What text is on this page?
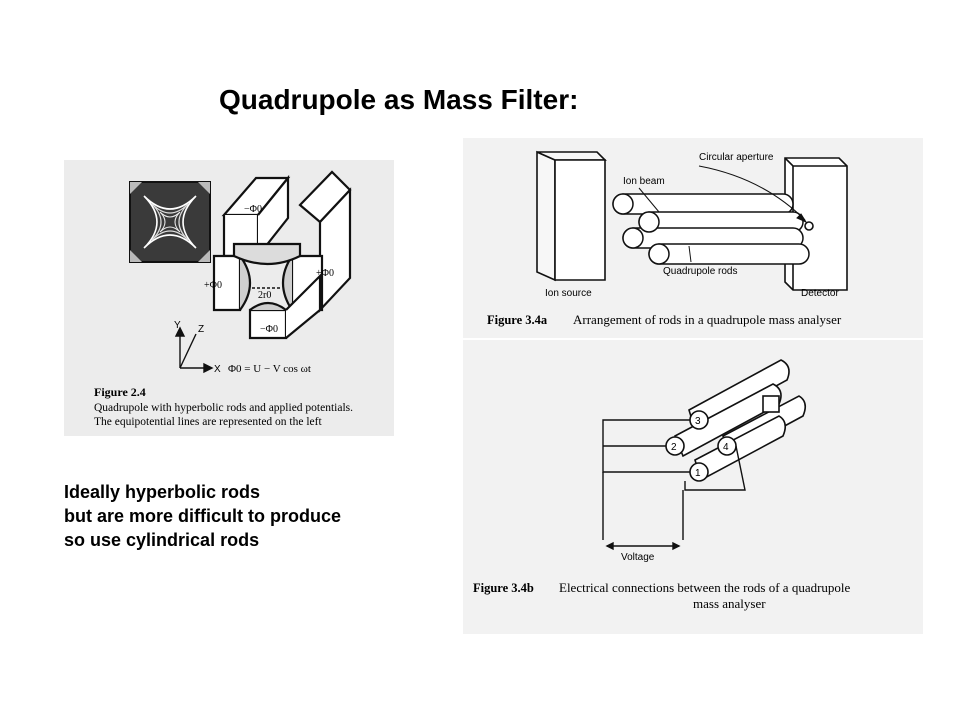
Quadrupole as Mass Filter:
−Φ0
+Φ0
+Φ0
−Φ0
2r0
Y Z
X Φ0 = U − V cos ωt
Figure 2.4
Quadrupole with hyperbolic rods and applied potentials.
The equipotential lines are represented on the left
Circular aperture
Ion beam
Quadrupole rods
Ion source	Detector
Figure 3.4a Arrangement of rods in a quadrupole mass analyser
3
2	4
1
Voltage
Figure 3.4b Electrical connections between the rods of a quadrupole
mass analyser
Ideally hyperbolic rods
but are more difficult to produce
so use cylindrical rods
